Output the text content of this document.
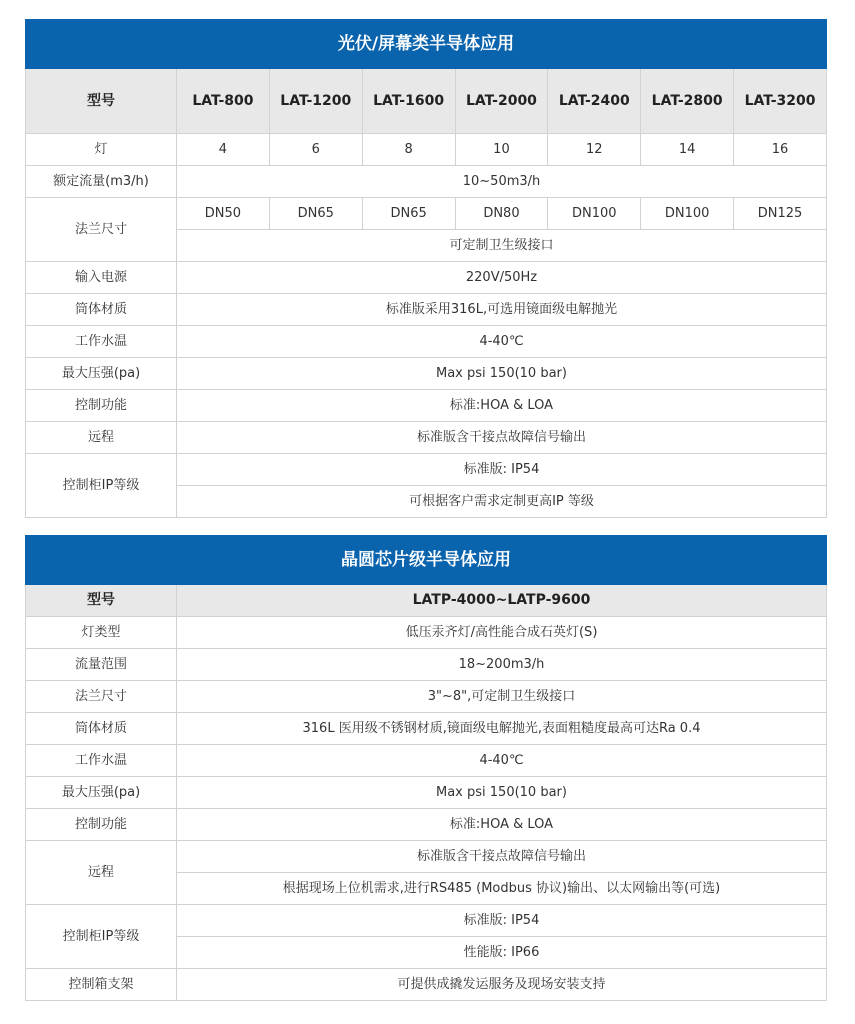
光伏/屏幕类半导体应用							
型号	LAT-800	LAT-1200	LAT-1600	LAT-2000	LAT-2400	LAT-2800	LAT-3200
灯	4	6	8	10	12	14	16
额定流量(m3/h)	10~50m3/h						
法兰尺寸	DN50	DN65	DN65	DN80	DN100	DN100	DN125
	可定制卫生级接口						
输入电源	220V/50Hz						
筒体材质	标准版采用316L,可选用镜面级电解抛光						
工作水温	4-40℃						
最大压强(pa)	Max psi 150(10 bar)						
控制功能	标准:HOA & LOA						
远程	标准版含干接点故障信号输出						
控制柜IP等级	标准版: IP54						
	可根据客户需求定制更高IP 等级						
晶圆芯片级半导体应用	
型号	LATP-4000~LATP-9600
灯类型	低压汞齐灯/高性能合成石英灯(S)
流量范围	18~200m3/h
法兰尺寸	3"~8",可定制卫生级接口
筒体材质	316L 医用级不锈钢材质,镜面级电解抛光,表面粗糙度最高可达Ra 0.4
工作水温	4-40℃
最大压强(pa)	Max psi 150(10 bar)
控制功能	标准:HOA & LOA
远程	标准版含干接点故障信号输出
	根据现场上位机需求,进行RS485 (Modbus 协议)输出、以太网输出等(可选)
控制柜IP等级	标准版: IP54
	性能版: IP66
控制箱支架	可提供成撬发运服务及现场安装支持
